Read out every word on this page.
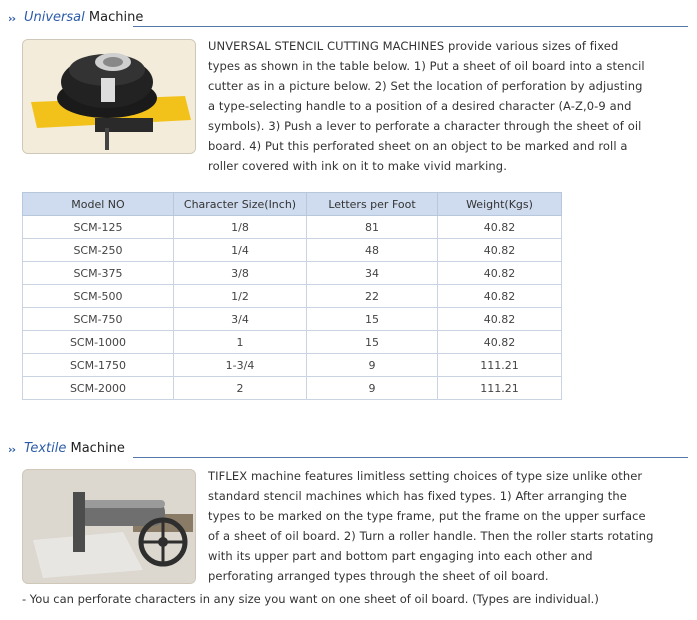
›› Universal Machine
UNVERSAL STENCIL CUTTING MACHINES provide various sizes of fixed types as shown in the table below. 1) Put a sheet of oil board into a stencil cutter as in a picture below. 2) Set the location of perforation by adjusting a type-selecting handle to a position of a desired character (A-Z,0-9 and symbols). 3) Push a lever to perforate a character through the sheet of oil board. 4) Put this perforated sheet on an object to be marked and roll a roller covered with ink on it to make vivid marking.
Model NO	Character Size(Inch)	Letters per Foot	Weight(Kgs)
SCM-125	1/8	81	40.82
SCM-250	1/4	48	40.82
SCM-375	3/8	34	40.82
SCM-500	1/2	22	40.82
SCM-750	3/4	15	40.82
SCM-1000	1	15	40.82
SCM-1750	1-3/4	9	111.21
SCM-2000	2	9	111.21
›› Textile Machine
TIFLEX machine features limitless setting choices of type size unlike other standard stencil machines which has fixed types. 1) After arranging the types to be marked on the type frame, put the frame on the upper surface of a sheet of oil board. 2) Turn a roller handle. Then the roller starts rotating with its upper part and bottom part engaging into each other and perforating arranged types through the sheet of oil board.
- You can perforate characters in any size you want on one sheet of oil board. (Types are individual.)
